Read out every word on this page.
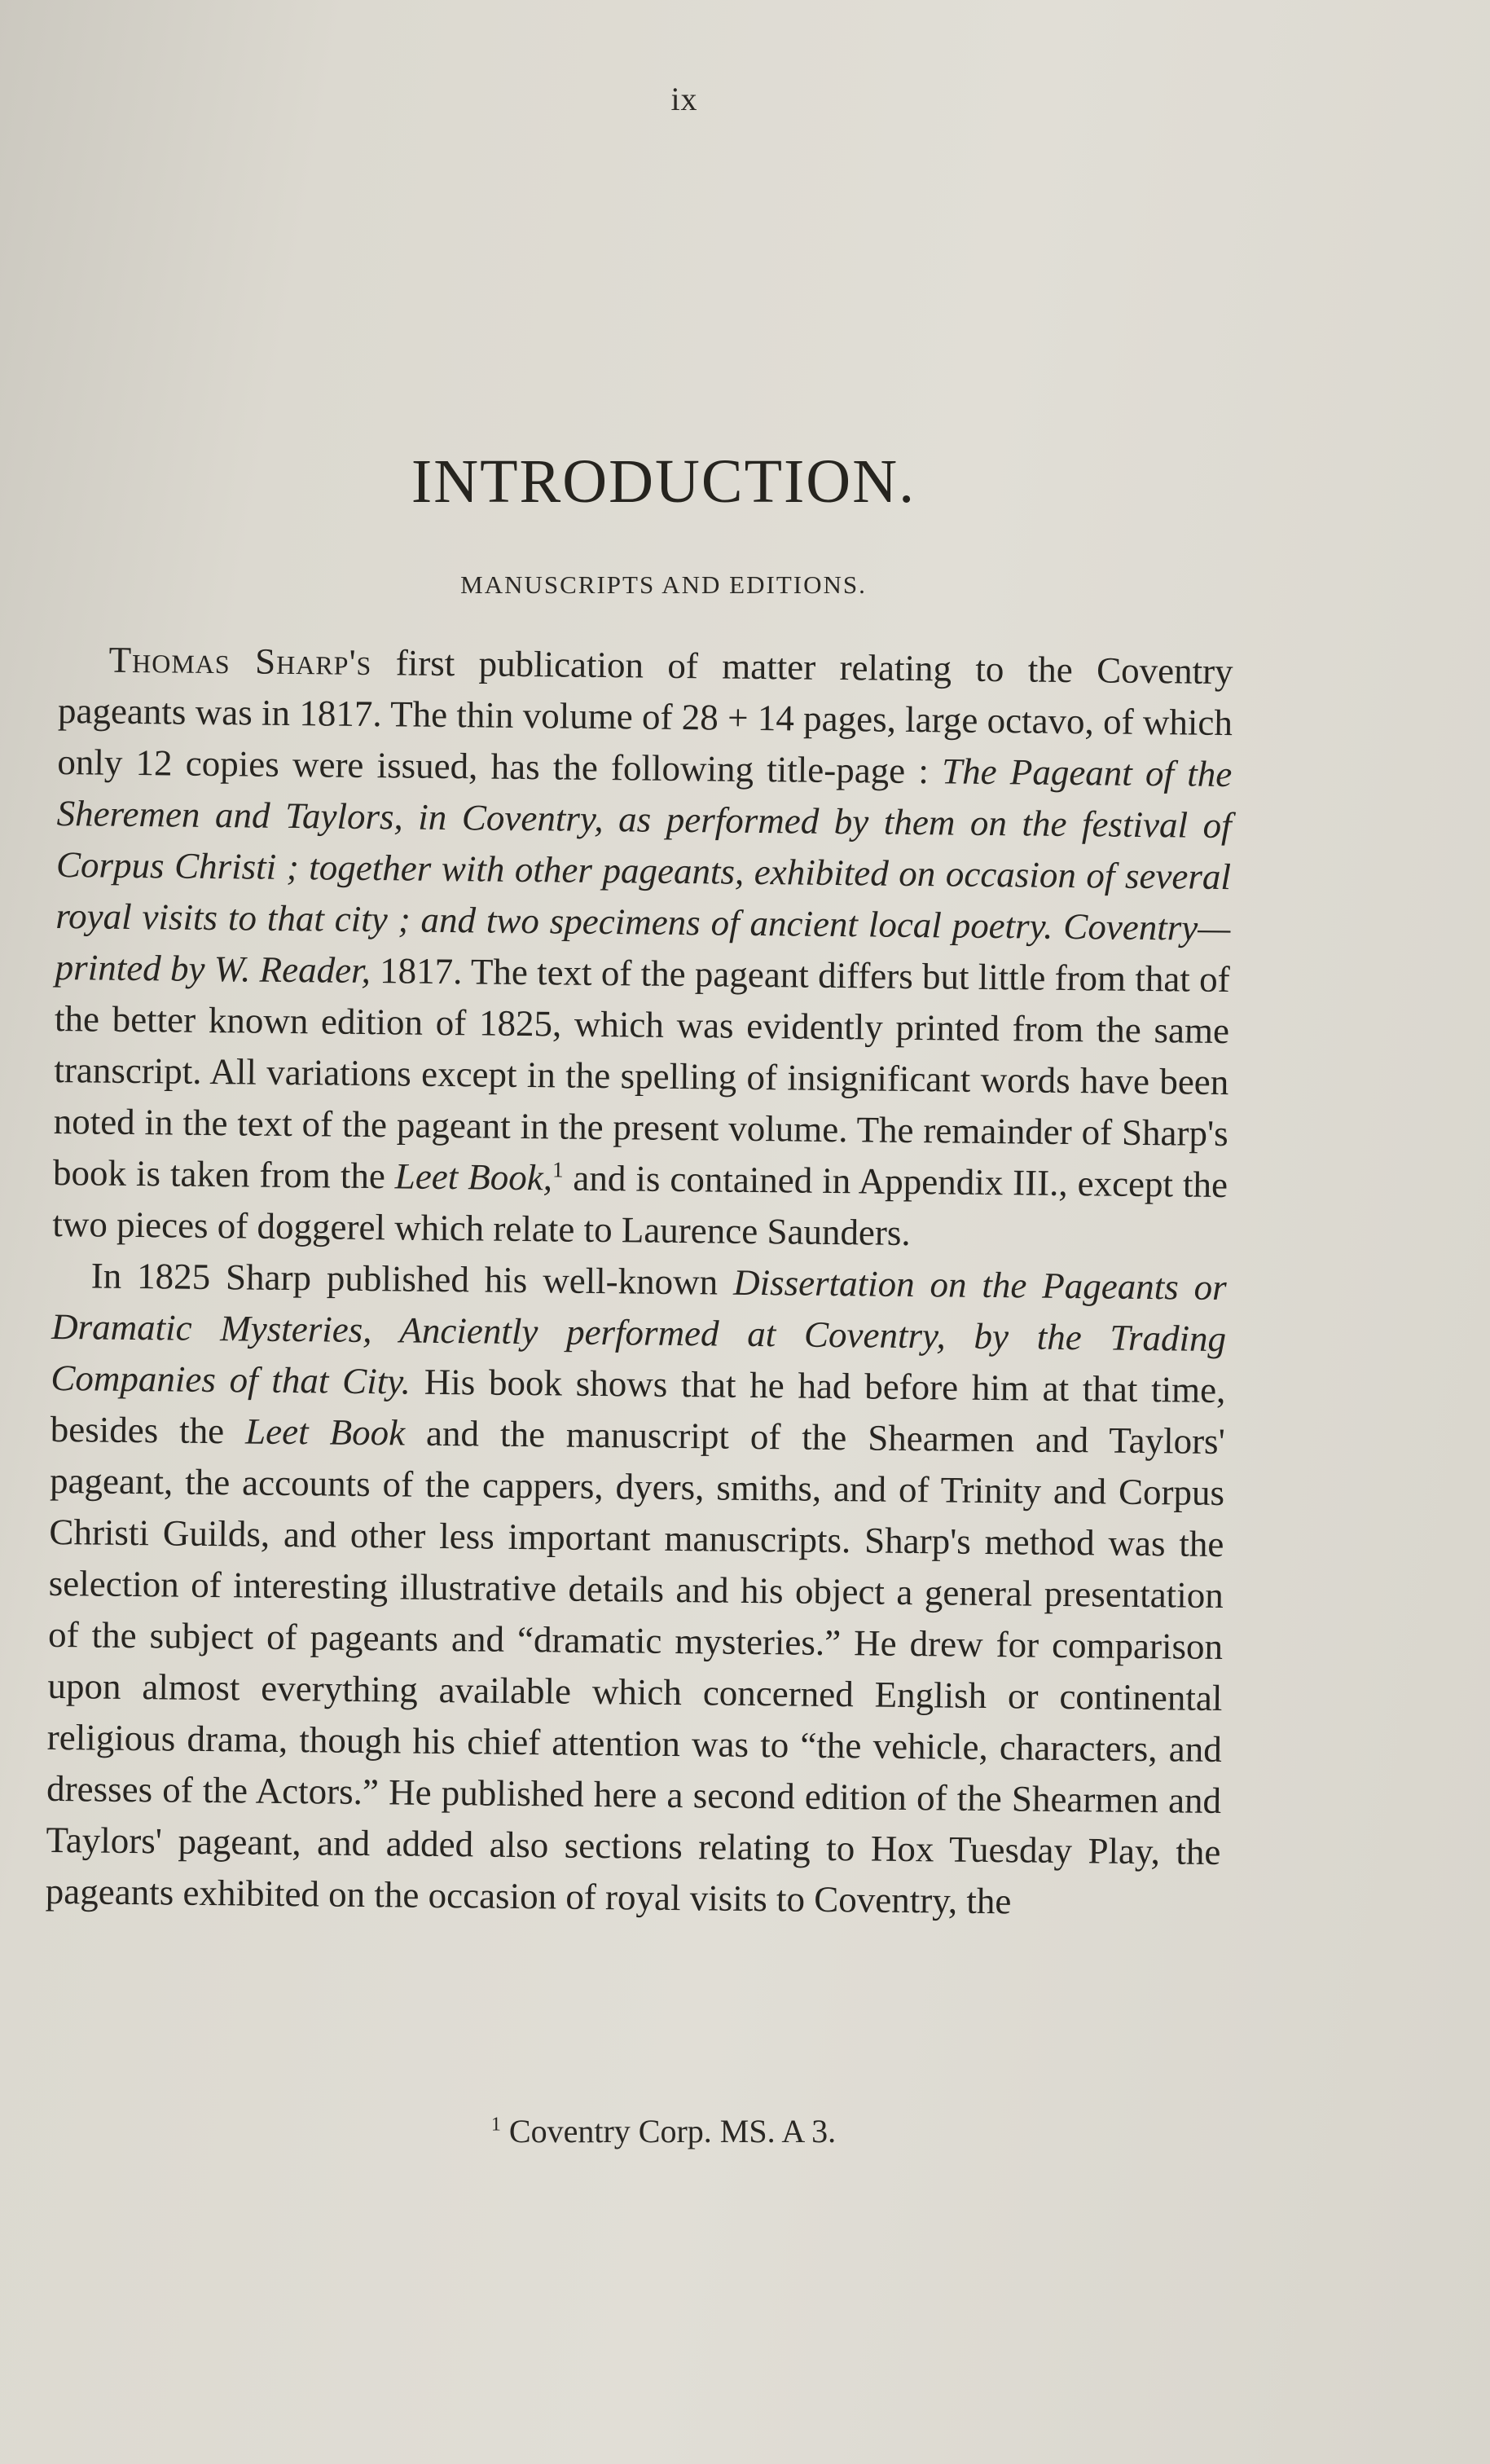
ix
INTRODUCTION.
MANUSCRIPTS AND EDITIONS.

Thomas Sharp's first publication of matter relating to the Coventry pageants was in 1817. The thin volume of 28 + 14 pages, large octavo, of which only 12 copies were issued, has the following title-page : The Pageant of the Sheremen and Taylors, in Coventry, as performed by them on the festival of Corpus Christi ; together with other pageants, exhibited on occasion of several royal visits to that city ; and two specimens of ancient local poetry. Coventry—printed by W. Reader, 1817. The text of the pageant differs but little from that of the better known edition of 1825, which was evidently printed from the same transcript. All variations except in the spelling of insignificant words have been noted in the text of the pageant in the present volume. The remainder of Sharp's book is taken from the Leet Book,$^1$ and is contained in Appendix III., except the two pieces of doggerel which relate to Laurence Saunders.

In 1825 Sharp published his well-known Dissertation on the Pageants or Dramatic Mysteries, Anciently performed at Coventry, by the Trading Companies of that City. His book shows that he had before him at that time, besides the Leet Book and the manuscript of the Shearmen and Taylors' pageant, the accounts of the cappers, dyers, smiths, and of Trinity and Corpus Christi Guilds, and other less important manuscripts. Sharp's method was the selection of interesting illustrative details and his object a general presentation of the subject of pageants and “dramatic mysteries.” He drew for comparison upon almost everything available which concerned English or continental religious drama, though his chief attention was to “the vehicle, characters, and dresses of the Actors.” He published here a second edition of the Shearmen and Taylors' pageant, and added also sections relating to Hox Tuesday Play, the pageants exhibited on the occasion of royal visits to Coventry, the

$^1$ Coventry Corp. MS. A 3.
